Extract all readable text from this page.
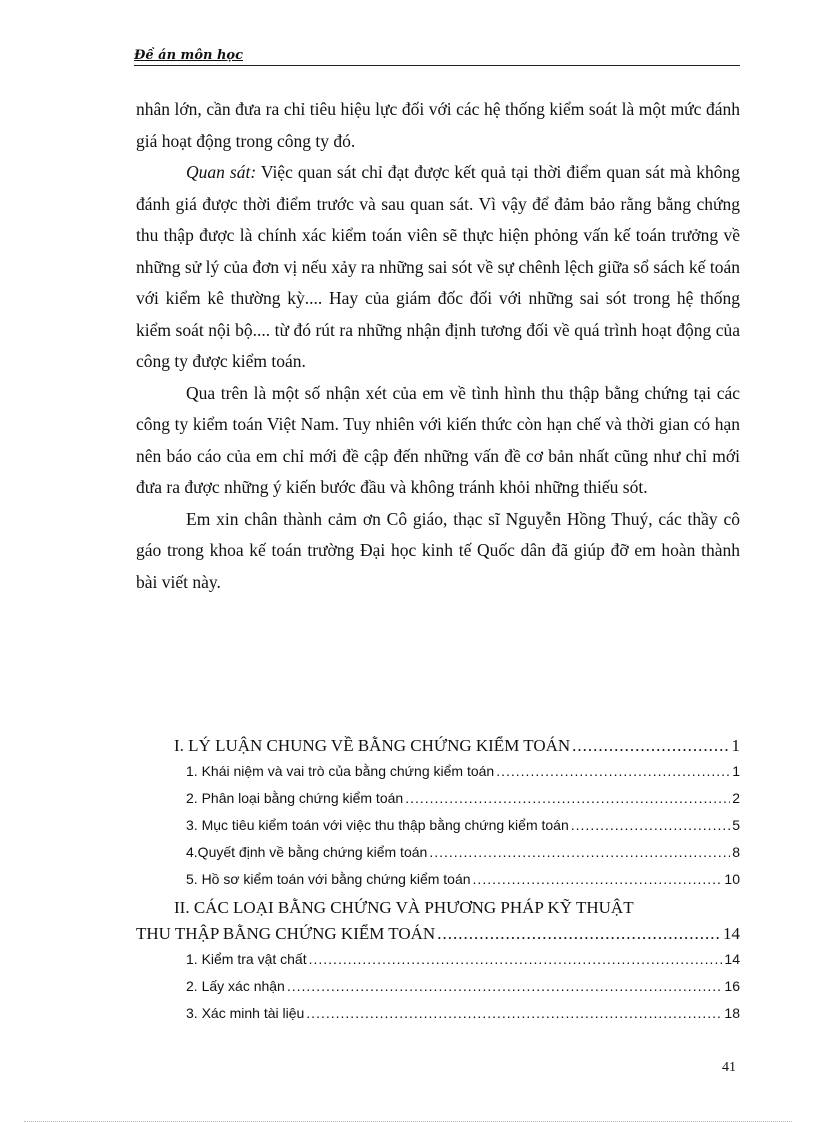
Đề án môn học

nhân lớn, cần đưa ra chỉ tiêu hiệu lực đối với các hệ thống kiểm soát là một mức đánh giá hoạt động trong công ty đó.

Quan sát: Việc quan sát chỉ đạt được kết quả tại thời điểm quan sát mà không đánh giá được thời điểm trước và sau quan sát. Vì vậy để đảm bảo rằng bằng chứng thu thập được là chính xác kiểm toán viên sẽ thực hiện phỏng vấn kế toán trưởng về những sử lý của đơn vị nếu xảy ra những sai sót về sự chênh lệch giữa sổ sách kế toán với kiểm kê thường kỳ.... Hay của giám đốc đối với những sai sót trong hệ thống kiểm soát nội bộ.... từ đó rút ra những nhận định tương đối về quá trình hoạt động của công ty được kiểm toán.

Qua trên là một số nhận xét của em về tình hình thu thập bằng chứng tại các công ty kiểm toán Việt Nam. Tuy nhiên với kiến thức còn hạn chế và thời gian có hạn nên báo cáo của em chỉ mới đề cập đến những vấn đề cơ bản nhất cũng như chỉ mới đưa ra được những ý kiến bước đầu và không tránh khỏi những thiếu sót.

Em xin chân thành cảm ơn Cô giáo, thạc sĩ Nguyễn Hồng Thuý, các thầy cô gáo trong khoa kế toán trường Đại học kinh tế Quốc dân đã giúp đỡ em hoàn thành bài viết này.

I. LÝ LUẬN CHUNG VỀ BẰNG CHỨNG KIỂM TOÁN .....	1
1. Khái niệm và vai trò của bằng chứng kiểm toán .....	1
2. Phân loại bằng chứng kiểm toán .....	2
3. Mục tiêu kiểm toán với việc thu thập bằng chứng kiểm toán .....	5
4.Quyết định về bằng chứng kiểm toán .....	8
5. Hồ sơ kiểm toán với bằng chứng kiểm toán .....	10
II. CÁC LOẠI BẰNG CHỨNG VÀ PHƯƠNG PHÁP KỸ THUẬT
THU THẬP BẰNG CHỨNG KIỂM TOÁN .....	14
1. Kiểm tra vật chất .....	14
2. Lấy xác nhận .....	16
3. Xác minh tài liệu .....	18
41
